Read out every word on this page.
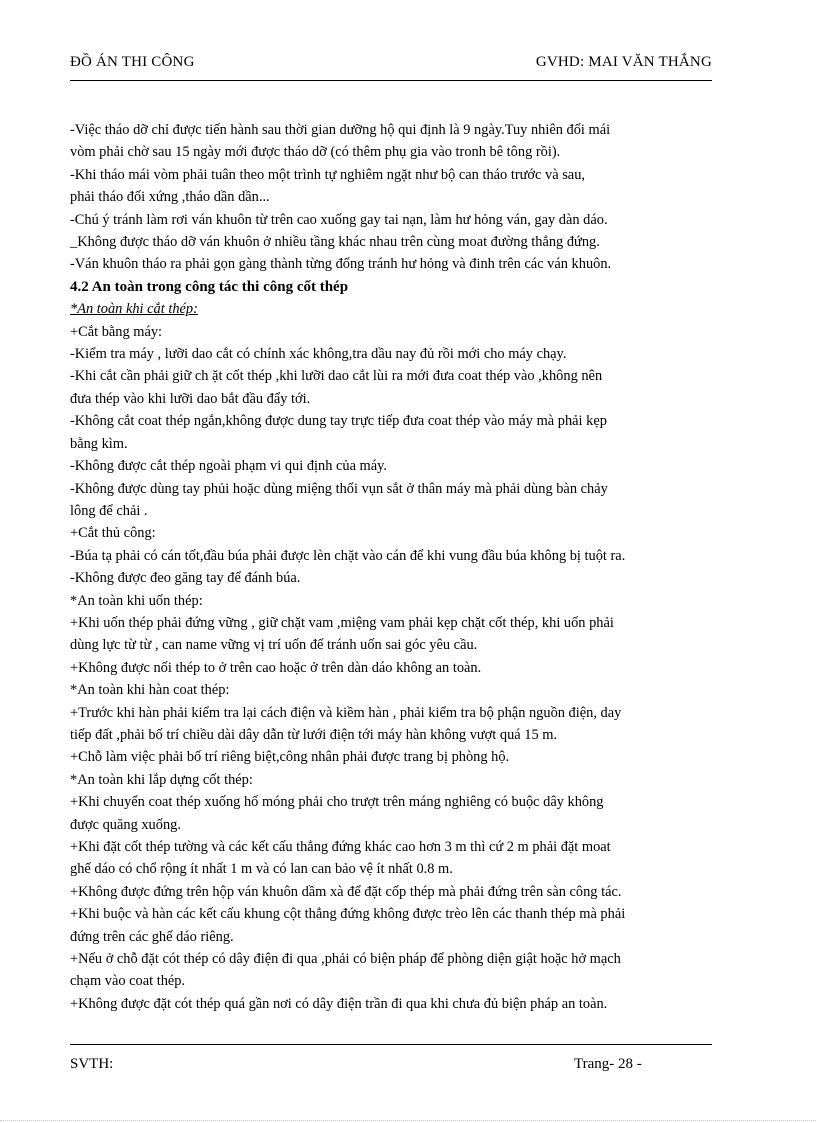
ĐỒ ÁN THI CÔNG	GVHD: MAI VĂN THẮNG

-Việc tháo dỡ chỉ được tiến hành sau thời gian dưỡng hộ qui định là 9 ngày.Tuy nhiên đối mái

vòm phải chờ sau 15 ngày mới được tháo dỡ (có thêm phụ gia vào tronh bê tông rồi).

-Khi tháo mái vòm phải tuân theo một trình tự nghiêm ngặt như bộ can tháo trước và sau,

phải tháo đối xứng ,tháo dần dần...

-Chú ý tránh làm rơi ván khuôn từ trên cao xuống gay tai nạn, làm hư hỏng ván, gay dàn dáo.

_Không được tháo dỡ ván khuôn ở nhiều tầng khác nhau trên cùng moat đường thẳng đứng.

-Ván khuôn tháo ra phải gọn gàng thành từng đống tránh hư hỏng và đinh trên các ván khuôn.

4.2 An toàn trong công tác thi công cốt thép

*An toàn khi cắt thép:

+Cắt bằng máy:

-Kiểm tra máy , lưỡi dao cắt có chính xác không,tra dầu nay đủ rồi mới cho máy chạy.

-Khi cắt cần phải giữ ch ặt cốt thép ,khi lưỡi dao cắt lùi ra mới đưa coat thép vào ,không nên

đưa thép vào khi lưỡi dao bắt đầu đẩy tới.

-Không cắt coat thép ngắn,không được dung tay trực tiếp đưa coat thép vào máy mà phải kẹp

bằng kìm.

-Không được cắt thép ngoài phạm vi qui định của máy.

-Không được dùng tay phủi hoặc dùng miệng thổi vụn sắt ở thân máy mà phải dùng bàn chảy

lông để chải .

+Cắt thủ công:

-Búa tạ phải có cán tốt,đầu búa phải được lèn chặt vào cán để khi vung đầu búa không bị tuột ra.

-Không được đeo găng tay để đánh búa.

*An toàn khi uốn thép:

+Khi uốn thép phải đứng vững , giữ chặt vam ,miệng vam phải kẹp chặt cốt thép, khi uốn phải

dùng lực từ từ , can name vững vị trí uốn để tránh uốn sai góc yêu cầu.

+Không được nối thép to ở trên cao hoặc ở trên dàn dáo không an toàn.

*An toàn khi hàn coat thép:

+Trước khi hàn phải kiểm tra lại cách điện và kiềm hàn , phải kiểm tra bộ phận nguồn điện, day

tiếp đất ,phải bố trí chiều dài dây dẫn từ lưới điện tới máy hàn không vượt quá 15 m.

+Chỗ làm việc phải bố trí riêng biệt,công nhân phải được trang bị phòng hộ.

*An toàn khi lắp dựng cốt thép:

+Khi chuyển coat thép xuống hố móng phải cho trượt trên máng nghiêng có buộc dây không

được quăng xuống.

+Khi đặt cốt thép tường và các kết cấu thẳng đứng khác cao hơn 3 m thì cứ 2 m phải đặt moat

ghế dáo có chổ rộng ít nhất 1 m và có lan can bảo vệ ít nhất 0.8 m.

+Không được đứng trên hộp ván khuôn dầm xà để đặt cốp thép mà phải đứng trên sàn công tác.

+Khi buộc và hàn các kết cấu khung cột thẳng đứng không được trèo lên các thanh thép mà phải

đứng trên các ghế dáo riêng.

+Nếu ở chỗ đặt cót thép có dây điện đi qua ,phải có biện pháp để phòng diện giật hoặc hở mạch

chạm vào coat thép.

+Không được đặt cót thép quá gần nơi có dây điện trần đi qua khi chưa đủ biện pháp an toàn.

SVTH:	Trang- 28 -
